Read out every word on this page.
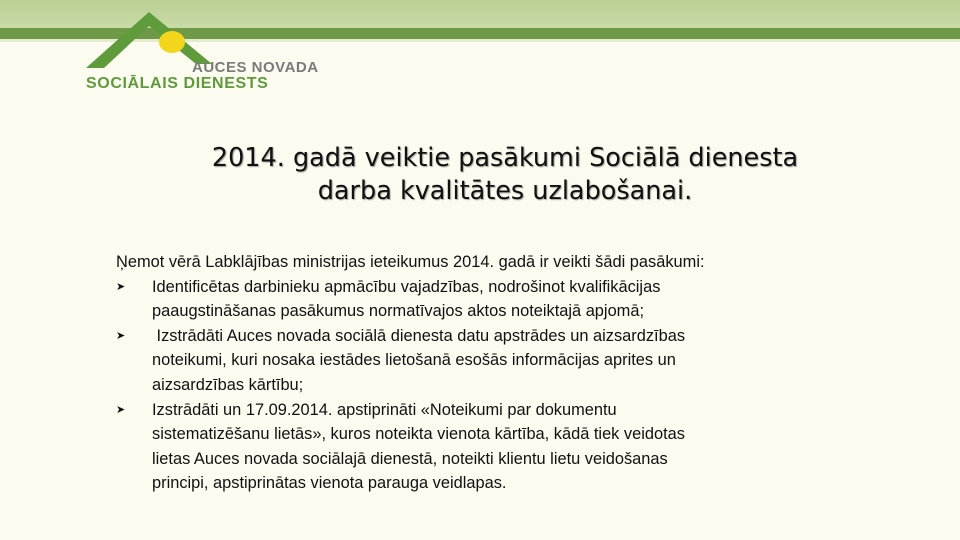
AUCES NOVADA
SOCIĀLAIS DIENESTS
2014. gadā veiktie pasākumi Sociālā dienesta
darba kvalitātes uzlabošanai.

Ņemot vērā Labklājības ministrijas ieteikumus 2014. gadā ir veikti šādi pasākumi:

➤ Identificētas darbinieku apmācību vajadzības, nodrošinot kvalifikācijas
paaugstināšanas pasākumus normatīvajos aktos noteiktajā apjomā;
➤ Izstrādāti Auces novada sociālā dienesta datu apstrādes un aizsardzības
noteikumi, kuri nosaka iestādes lietošanā esošās informācijas aprites un
aizsardzības kārtību;
➤ Izstrādāti un 17.09.2014. apstiprināti «Noteikumi par dokumentu
sistematizēšanu lietās», kuros noteikta vienota kārtība, kādā tiek veidotas
lietas Auces novada sociālajā dienestā, noteikti klientu lietu veidošanas
principi, apstiprinātas vienota parauga veidlapas.
